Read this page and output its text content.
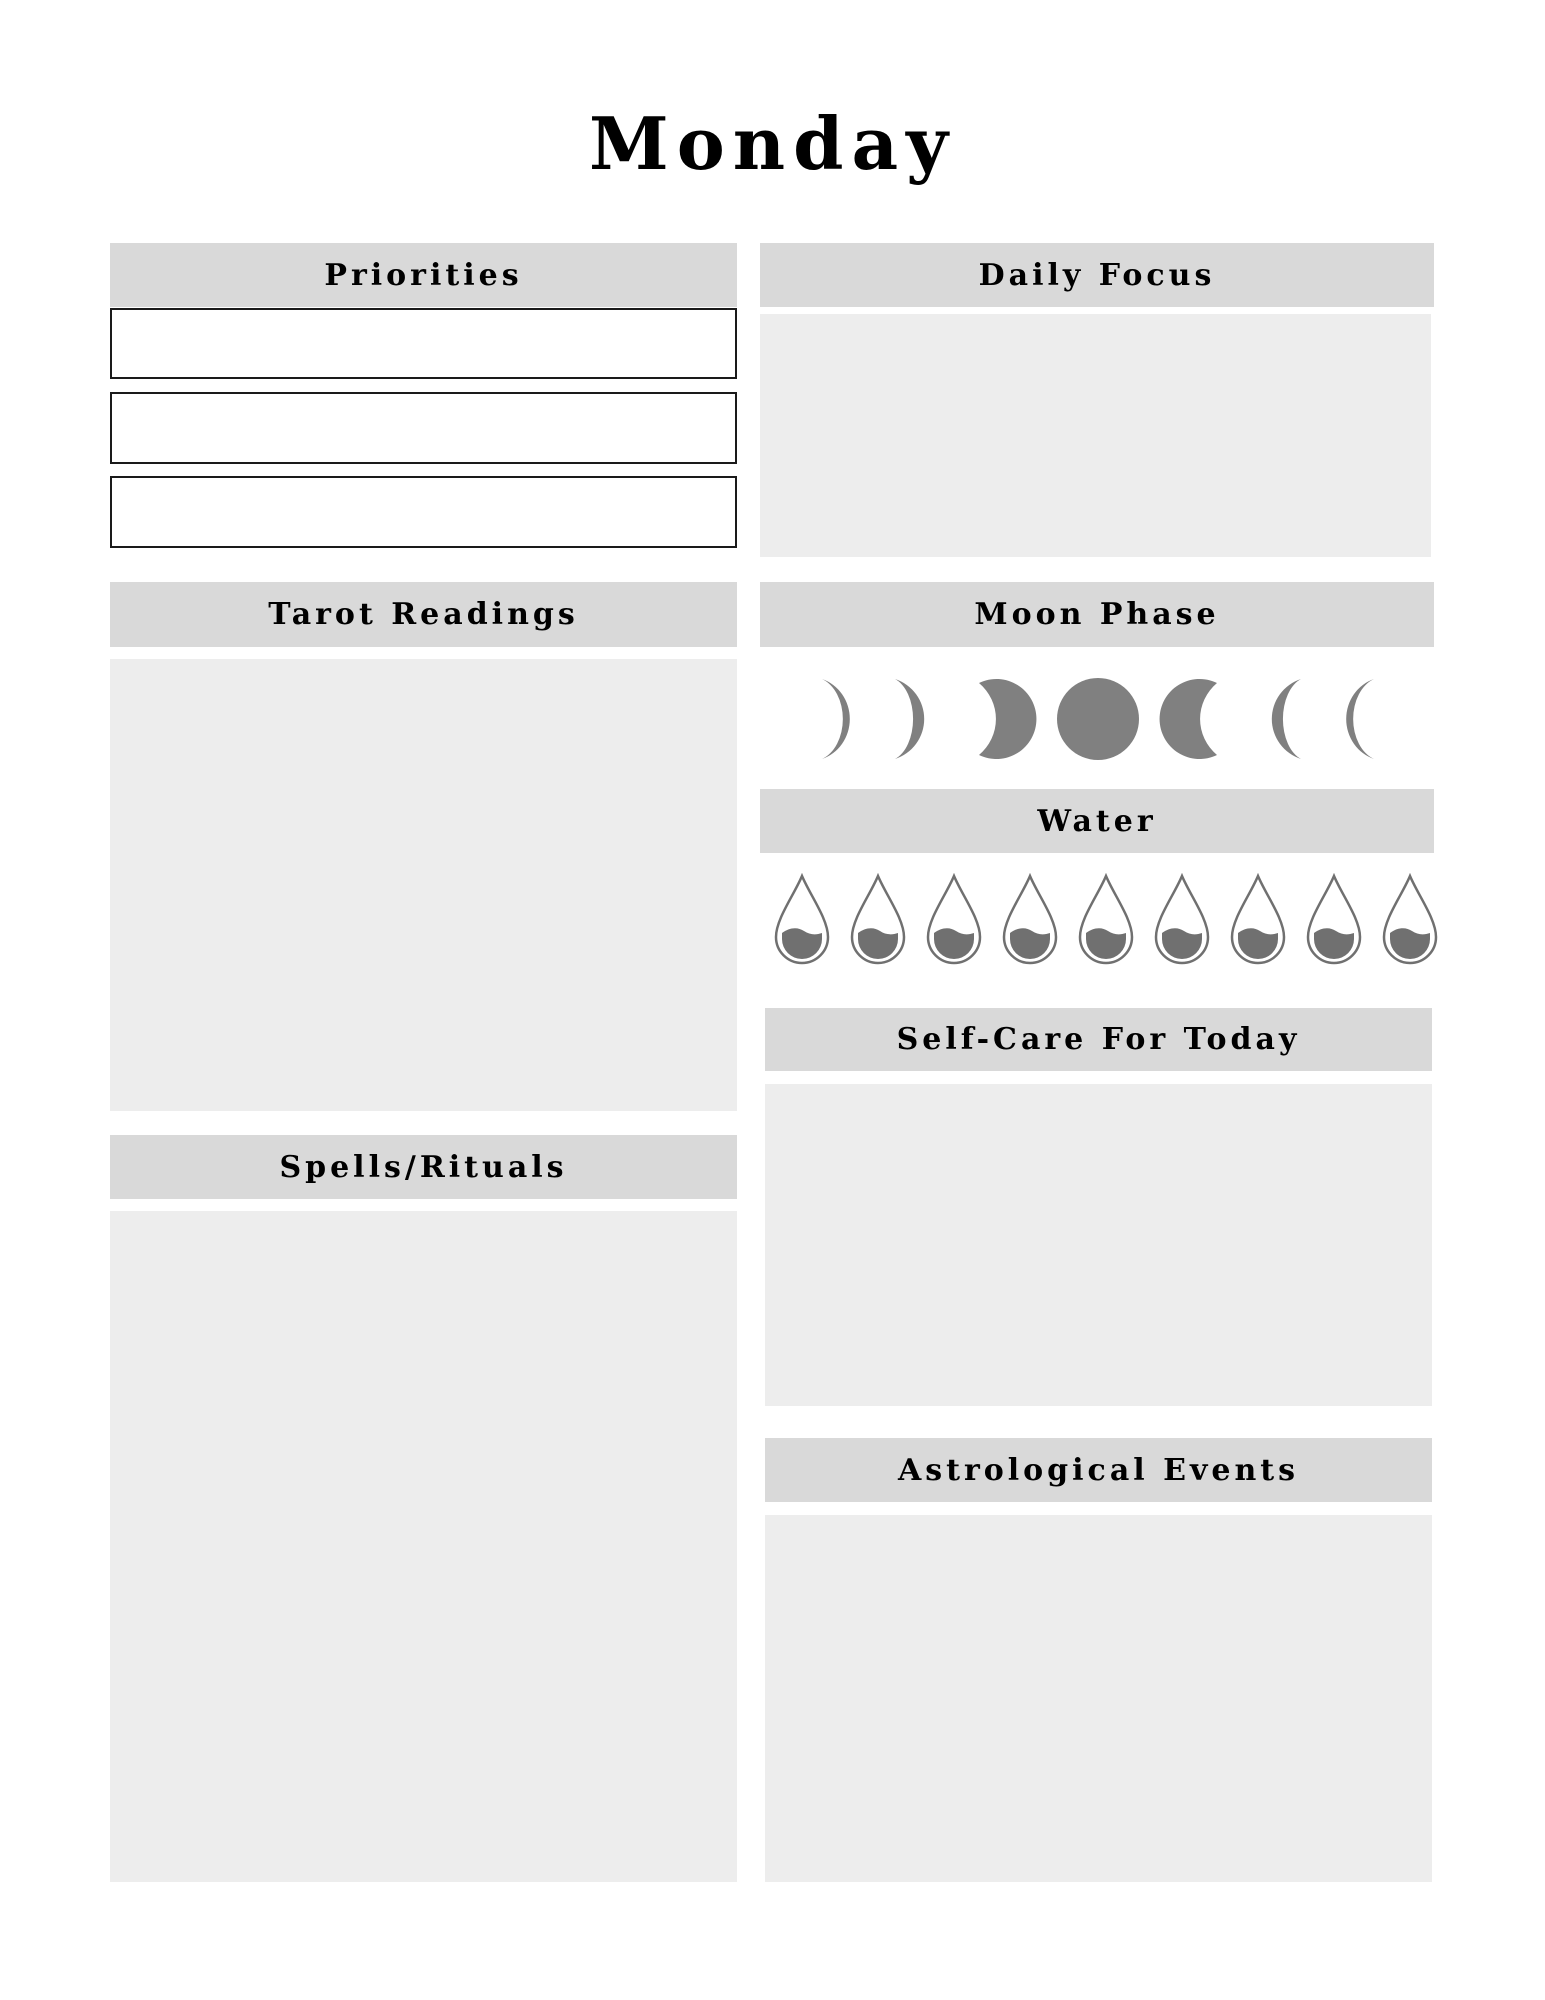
Monday
Priorities	Daily Focus
Tarot Readings	Moon Phase
Water
Self-Care For Today
Spells/Rituals
Astrological Events
